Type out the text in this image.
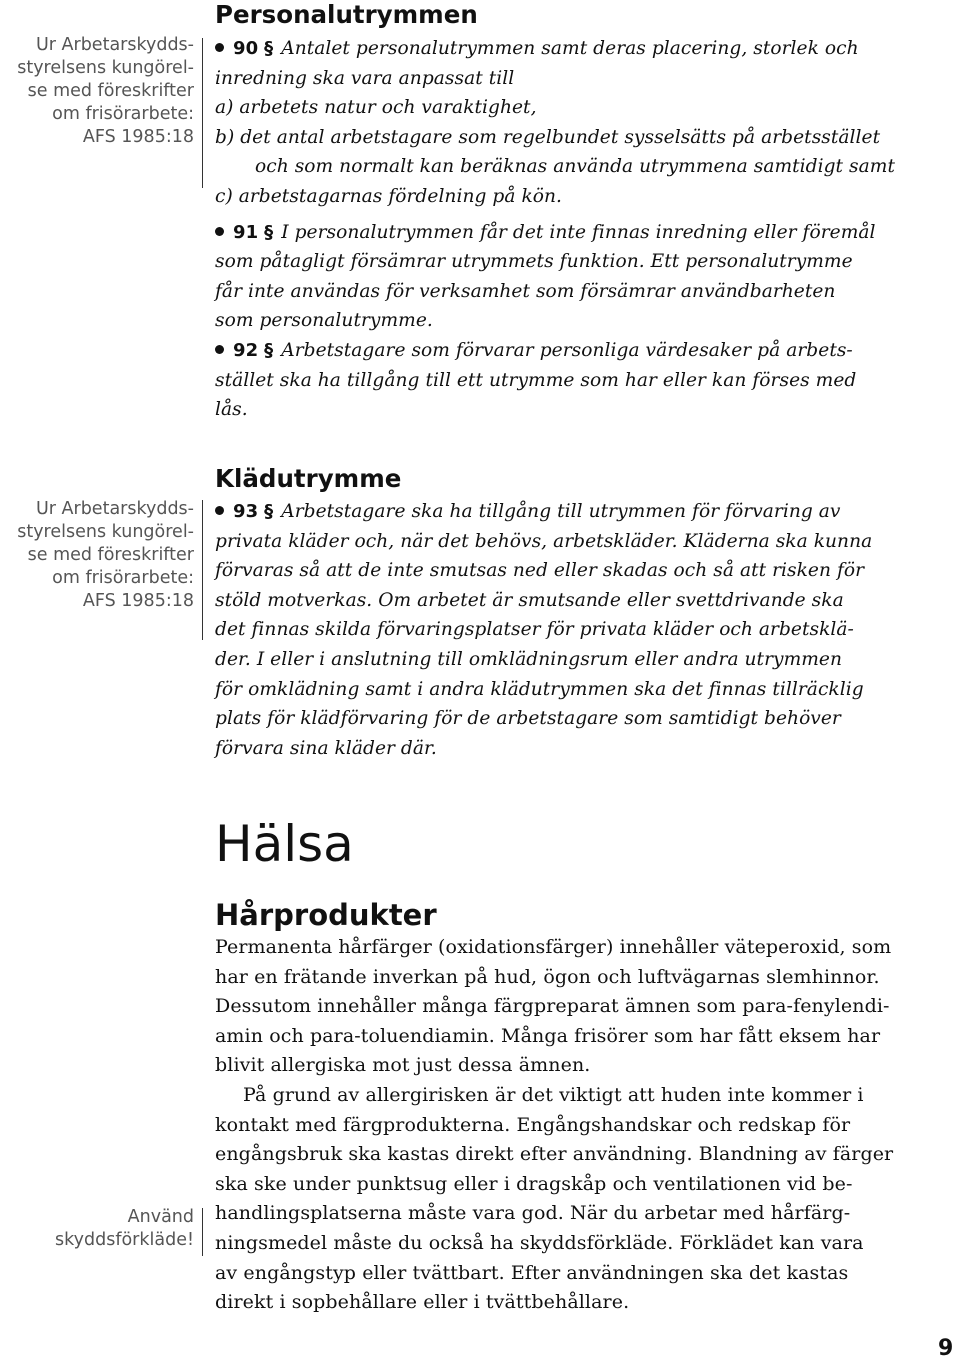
Ur Arbetarskydds-
styrelsens kungörel-
se med föreskrifter
om frisörarbete:
AFS 1985:18
Ur Arbetarskydds-
styrelsens kungörel-
se med föreskrifter
om frisörarbete:
AFS 1985:18
Använd
skyddsförkläde!
Personalutrymmen
90 § Antalet personalutrymmen samt deras placering, storlek och
inredning ska vara anpassat till
a) arbetets natur och varaktighet,
b) det antal arbetstagare som regelbundet sysselsätts på arbetsstället
och som normalt kan beräknas använda utrymmena samtidigt samt
c) arbetstagarnas fördelning på kön.
91 § I personalutrymmen får det inte finnas inredning eller föremål
som påtagligt försämrar utrymmets funktion. Ett personalutrymme
får inte användas för verksamhet som försämrar användbarheten
som personalutrymme.
92 § Arbetstagare som förvarar personliga värdesaker på arbets-
stället ska ha tillgång till ett utrymme som har eller kan förses med
lås.
Klädutrymme
93 § Arbetstagare ska ha tillgång till utrymmen för förvaring av
privata kläder och, när det behövs, arbetskläder. Kläderna ska kunna
förvaras så att de inte smutsas ned eller skadas och så att risken för
stöld motverkas. Om arbetet är smutsande eller svettdrivande ska
det finnas skilda förvaringsplatser för privata kläder och arbetsklä-
der. I eller i anslutning till omklädningsrum eller andra utrymmen
för omklädning samt i andra klädutrymmen ska det finnas tillräcklig
plats för klädförvaring för de arbetstagare som samtidigt behöver
förvara sina kläder där.
Hälsa
Hårprodukter
Permanenta hårfärger (oxidationsfärger) innehåller väteperoxid, som
har en frätande inverkan på hud, ögon och luftvägarnas slemhinnor.
Dessutom innehåller många färgpreparat ämnen som para-fenylendi-
amin och para-toluendiamin. Många frisörer som har fått eksem har
blivit allergiska mot just dessa ämnen.
På grund av allergirisken är det viktigt att huden inte kommer i
kontakt med färgprodukterna. Engångshandskar och redskap för
engångsbruk ska kastas direkt efter användning. Blandning av färger
ska ske under punktsug eller i dragskåp och ventilationen vid be-
handlingsplatserna måste vara god. När du arbetar med hårfärg-
ningsmedel måste du också ha skyddsförkläde. Förklädet kan vara
av engångstyp eller tvättbart. Efter användningen ska det kastas
direkt i sopbehållare eller i tvättbehållare.
9
